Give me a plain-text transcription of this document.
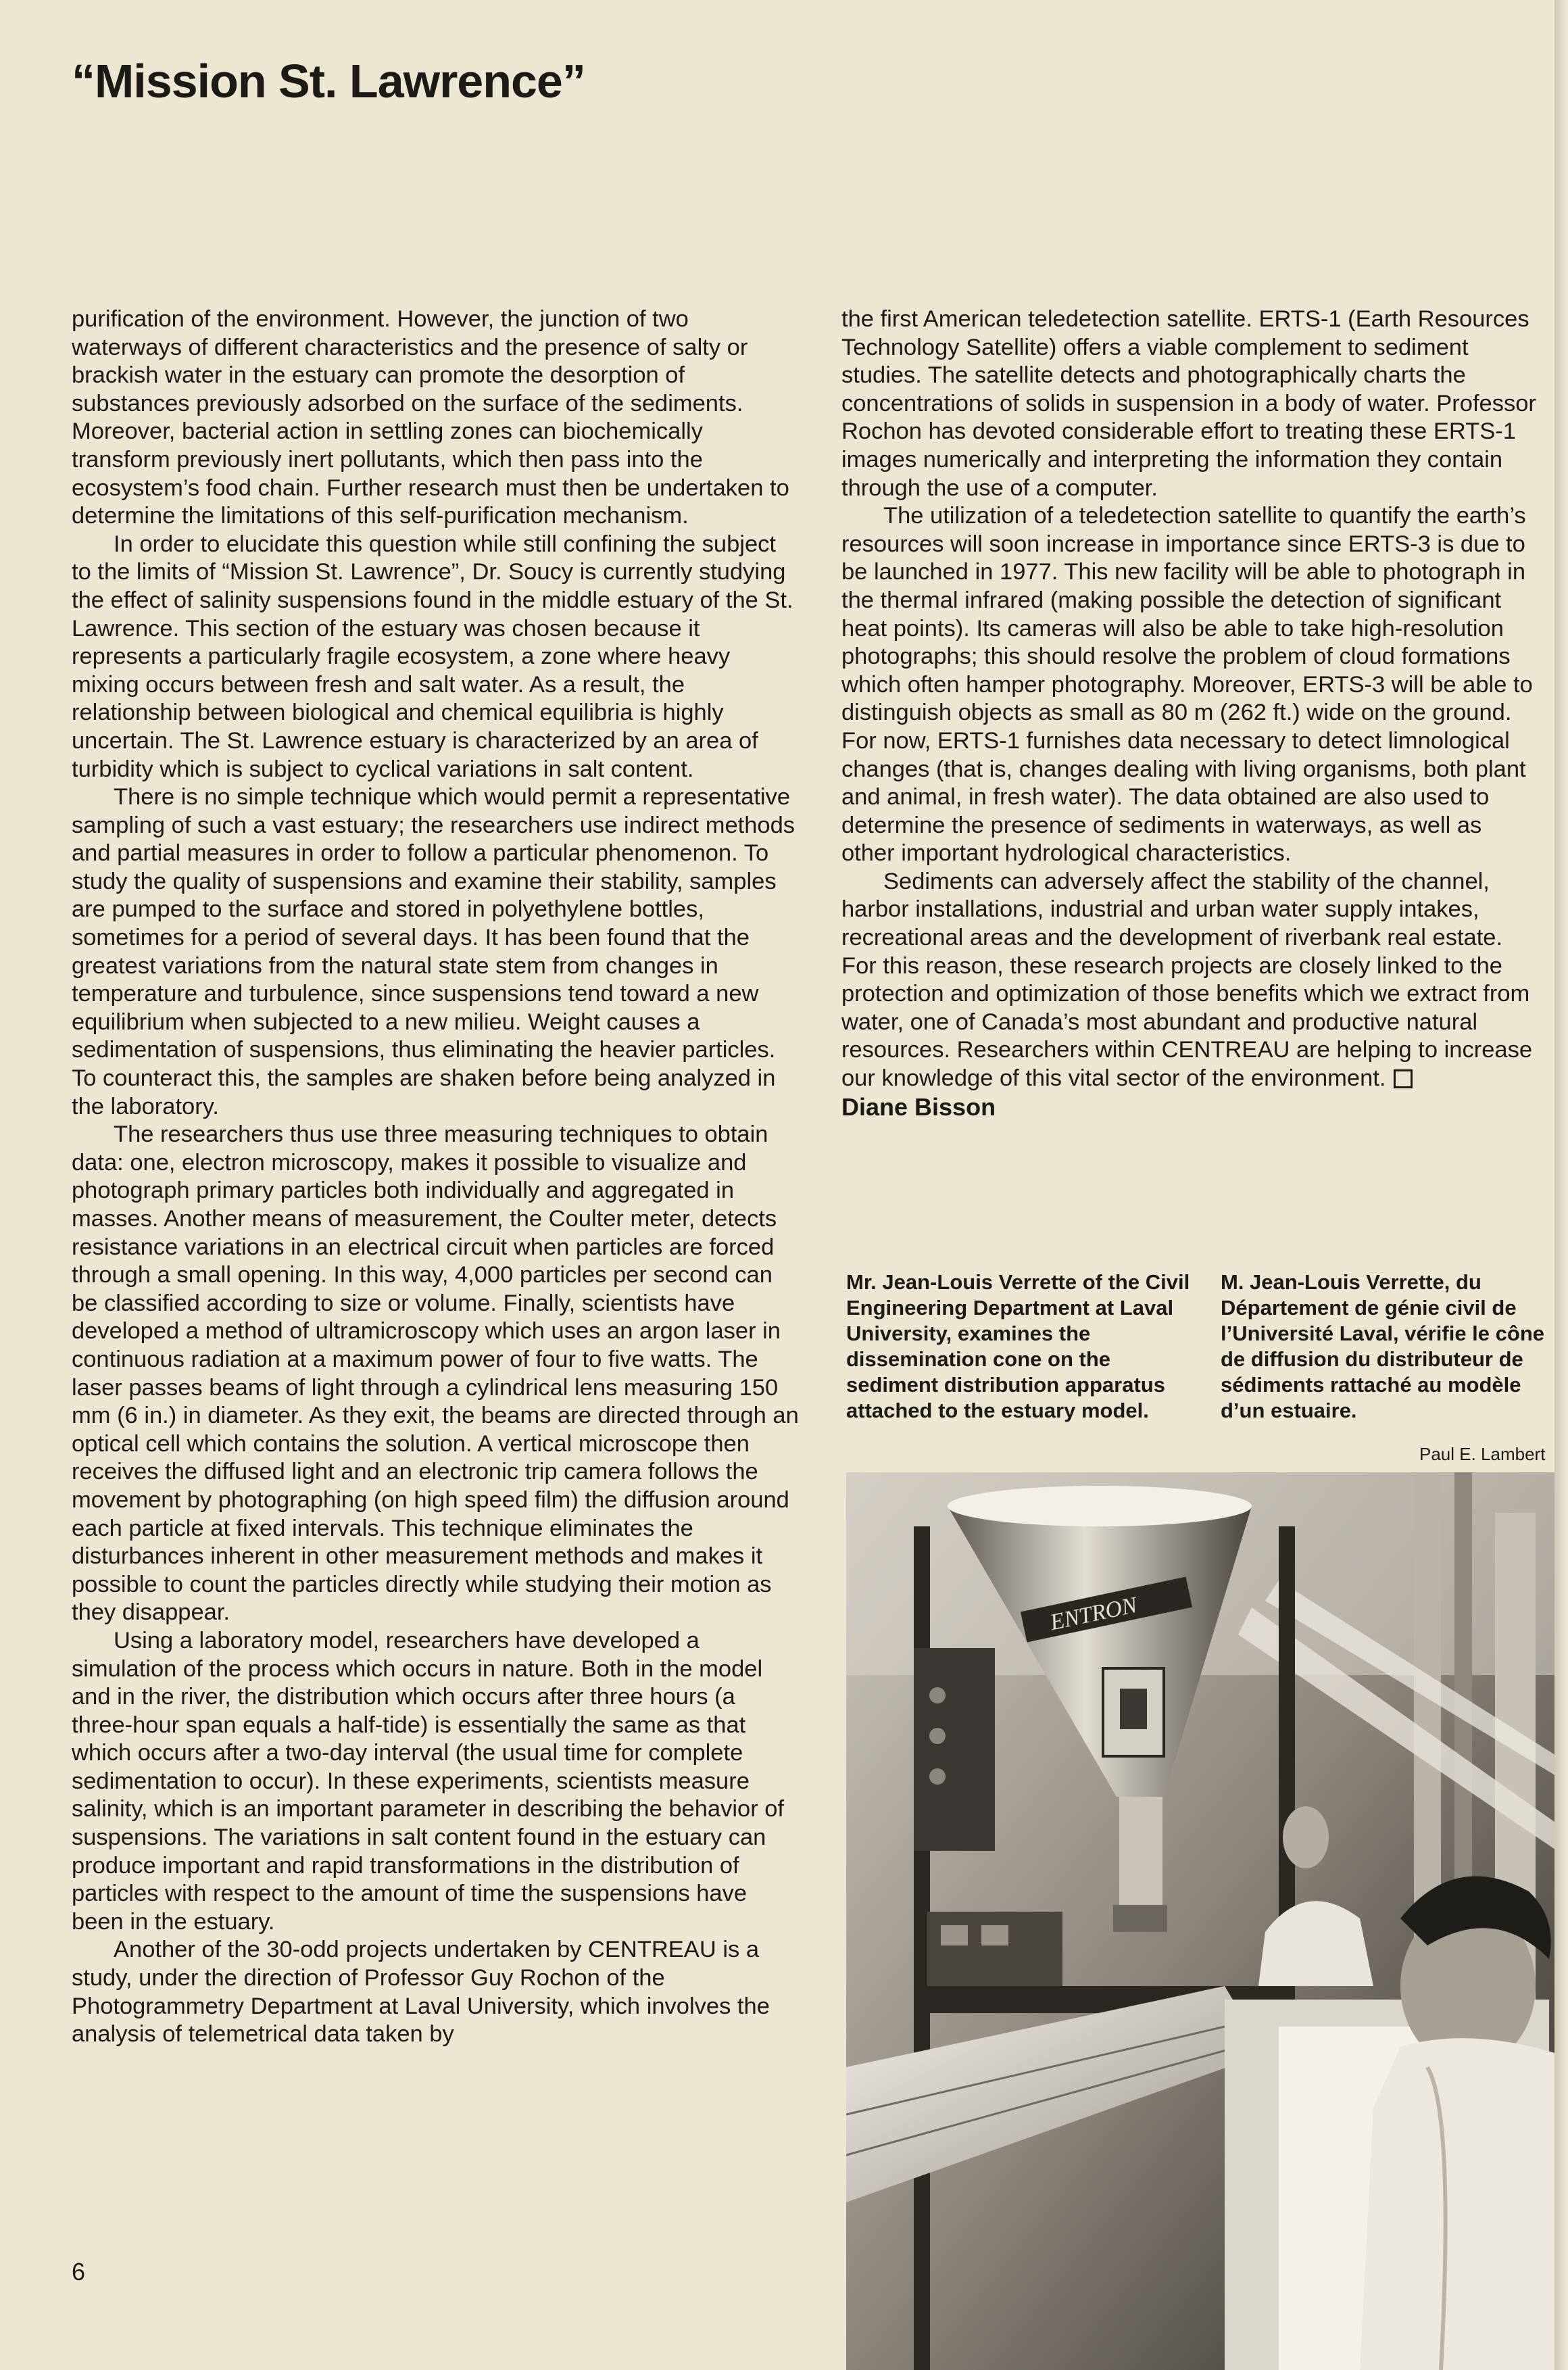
“Mission St. Lawrence”

purification of the environment. However, the junction of two waterways of different characteristics and the presence of salty or brackish water in the estuary can promote the desorption of substances previously adsorbed on the surface of the sediments. Moreover, bacterial action in settling zones can biochemically transform previously inert pollutants, which then pass into the ecosystem’s food chain. Further research must then be undertaken to determine the limitations of this self-purification mechanism.

In order to elucidate this question while still confining the subject to the limits of “Mission St. Lawrence”, Dr. Soucy is currently studying the effect of salinity suspensions found in the middle estuary of the St. Lawrence. This section of the estuary was chosen because it represents a particularly fragile ecosystem, a zone where heavy mixing occurs between fresh and salt water. As a result, the relationship between biological and chemical equilibria is highly uncertain. The St. Lawrence estuary is characterized by an area of turbidity which is subject to cyclical variations in salt content.

There is no simple technique which would permit a representative sampling of such a vast estuary; the researchers use indirect methods and partial measures in order to follow a particular phenomenon. To study the quality of suspensions and examine their stability, samples are pumped to the surface and stored in polyethylene bottles, sometimes for a period of several days. It has been found that the greatest variations from the natural state stem from changes in temperature and turbulence, since suspensions tend toward a new equilibrium when subjected to a new milieu. Weight causes a sedimentation of suspensions, thus eliminating the heavier particles. To counteract this, the samples are shaken before being analyzed in the laboratory.

The researchers thus use three measuring techniques to obtain data: one, electron microscopy, makes it possible to visualize and photograph primary particles both individually and aggregated in masses. Another means of measurement, the Coulter meter, detects resistance variations in an electrical circuit when particles are forced through a small opening. In this way, 4,000 particles per second can be classified according to size or volume. Finally, scientists have developed a method of ultramicroscopy which uses an argon laser in continuous radiation at a maximum power of four to five watts. The laser passes beams of light through a cylindrical lens measuring 150 mm (6 in.) in diameter. As they exit, the beams are directed through an optical cell which contains the solution. A vertical microscope then receives the diffused light and an electronic trip camera follows the movement by photographing (on high speed film) the diffusion around each particle at fixed intervals. This technique eliminates the disturbances inherent in other measurement methods and makes it possible to count the particles directly while studying their motion as they disappear.

Using a laboratory model, researchers have developed a simulation of the process which occurs in nature. Both in the model and in the river, the distribution which occurs after three hours (a three-hour span equals a half-tide) is essentially the same as that which occurs after a two-day interval (the usual time for complete sedimentation to occur). In these experiments, scientists measure salinity, which is an important parameter in describing the behavior of suspensions. The variations in salt content found in the estuary can produce important and rapid transformations in the distribution of particles with respect to the amount of time the suspensions have been in the estuary.

Another of the 30-odd projects undertaken by CENTREAU is a study, under the direction of Professor Guy Rochon of the Photogrammetry Department at Laval University, which involves the analysis of telemetrical data taken by

the first American teledetection satellite. ERTS-1 (Earth Resources Technology Satellite) offers a viable complement to sediment studies. The satellite detects and photographically charts the concentrations of solids in suspension in a body of water. Professor Rochon has devoted considerable effort to treating these ERTS-1 images numerically and interpreting the information they contain through the use of a computer.

The utilization of a teledetection satellite to quantify the earth’s resources will soon increase in importance since ERTS-3 is due to be launched in 1977. This new facility will be able to photograph in the thermal infrared (making possible the detection of significant heat points). Its cameras will also be able to take high-resolution photographs; this should resolve the problem of cloud formations which often hamper photography. Moreover, ERTS-3 will be able to distinguish objects as small as 80 m (262 ft.) wide on the ground. For now, ERTS-1 furnishes data necessary to detect limnological changes (that is, changes dealing with living organisms, both plant and animal, in fresh water). The data obtained are also used to determine the presence of sediments in waterways, as well as other important hydrological characteristics.

Sediments can adversely affect the stability of the channel, harbor installations, industrial and urban water supply intakes, recreational areas and the development of riverbank real estate. For this reason, these research projects are closely linked to the protection and optimization of those benefits which we extract from water, one of Canada’s most abundant and productive natural resources. Researchers within CENTREAU are helping to increase our knowledge of this vital sector of the environment.

Diane Bisson

Mr. Jean-Louis Verrette of the Civil Engineering Department at Laval University, examines the dissemination cone on the sediment distribution apparatus attached to the estuary model.
M. Jean-Louis Verrette, du Département de génie civil de l’Université Laval, vérifie le cône de diffusion du distributeur de sédiments rattaché au modèle d’un estuaire.
Paul E. Lambert
ENTRON
6
